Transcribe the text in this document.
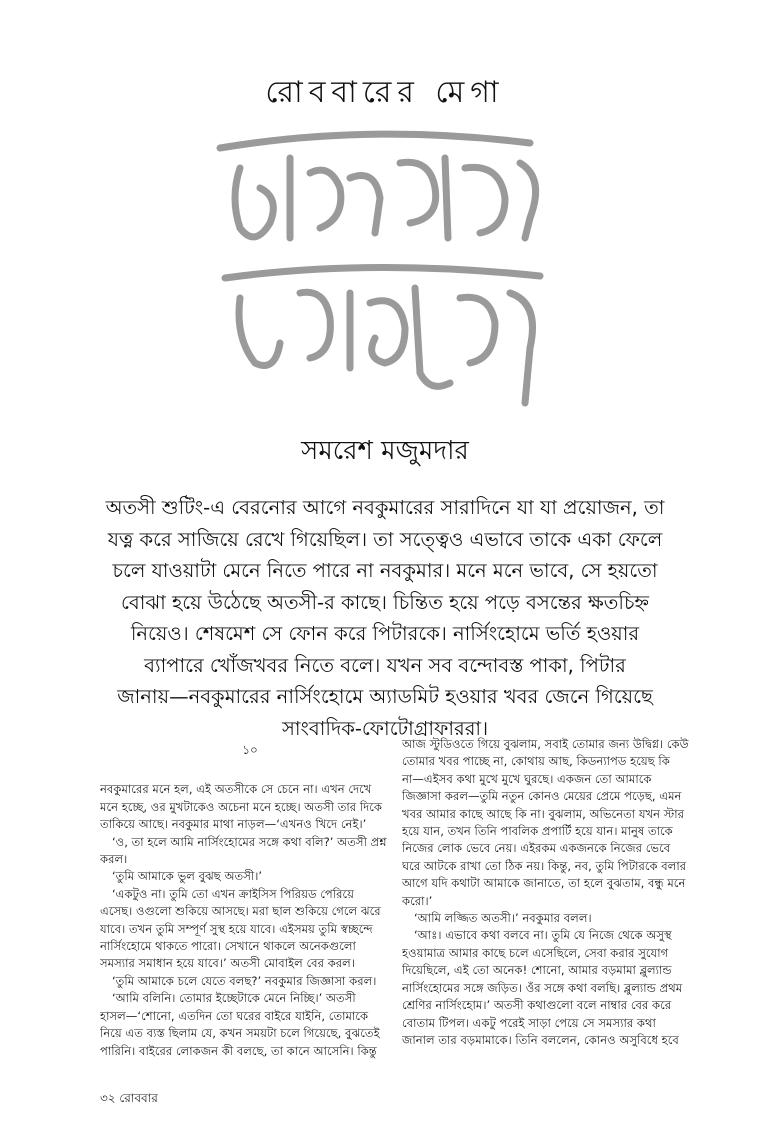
রোববারের মেগা
সমরেশ মজুমদার
অতসী শুটিং-এ বেরনোর আগে নবকুমারের সারাদিনে যা যা প্রয়োজন, তা
যত্ন করে সাজিয়ে রেখে গিয়েছিল। তা সত্ত্বেও এভাবে তাকে একা ফেলে
চলে যাওয়াটা মেনে নিতে পারে না নবকুমার। মনে মনে ভাবে, সে হয়তো
বোঝা হয়ে উঠেছে অতসী-র কাছে। চিন্তিত হয়ে পড়ে বসন্তের ক্ষতচিহ্ন
নিয়েও। শেষমেশ সে ফোন করে পিটারকে। নার্সিংহোমে ভর্তি হওয়ার
ব্যাপারে খোঁজখবর নিতে বলে। যখন সব বন্দোবস্ত পাকা, পিটার
জানায়—নবকুমারের নার্সিংহোমে অ্যাডমিট হওয়ার খবর জেনে গিয়েছে
সাংবাদিক-ফোটোগ্রাফাররা।
১০
নবকুমারের মনে হল, এই অতসীকে সে চেনে না। এখন দেখে
মনে হচ্ছে, ওর মুখটাকেও অচেনা মনে হচ্ছে। অতসী তার দিকে
তাকিয়ে আছে। নবকুমার মাথা নাড়ল—‘এখনও খিদে নেই।’
‘ও, তা হলে আমি নার্সিংহোমের সঙ্গে কথা বলি?’ অতসী প্রশ্ন
করল।
‘তুমি আমাকে ভুল বুঝছ অতসী।’
‘একটুও না। তুমি তো এখন ক্রাইসিস পিরিয়ড পেরিয়ে
এসেছ। ওগুলো শুকিয়ে আসছে। মরা ছাল শুকিয়ে গেলে ঝরে
যাবে। তখন তুমি সম্পূর্ণ সুস্থ হয়ে যাবে। এইসময় তুমি স্বচ্ছন্দে
নার্সিংহোমে থাকতে পারো। সেখানে থাকলে অনেকগুলো
সমস্যার সমাধান হয়ে যাবে।’ অতসী মোবাইল বের করল।
‘তুমি আমাকে চলে যেতে বলছ?’ নবকুমার জিজ্ঞাসা করল।
‘আমি বলিনি। তোমার ইচ্ছেটাকে মেনে নিচ্ছি।’ অতসী
হাসল—‘শোনো, এতদিন তো ঘরের বাইরে যাইনি, তোমাকে
নিয়ে এত ব্যস্ত ছিলাম যে, কখন সময়টা চলে গিয়েছে, বুঝতেই
পারিনি। বাইরের লোকজন কী বলছে, তা কানে আসেনি। কিন্তু
আজ স্টুডিওতে গিয়ে বুঝলাম, সবাই তোমার জন্য উদ্বিগ্ন। কেউ
তোমার খবর পাচ্ছে না, কোথায় আছ, কিডন্যাপড হয়েছ কি
না—এইসব কথা মুখে মুখে ঘুরছে। একজন তো আমাকে
জিজ্ঞাসা করল—তুমি নতুন কোনও মেয়ের প্রেমে পড়েছ, এমন
খবর আমার কাছে আছে কি না। বুঝলাম, অভিনেতা যখন স্টার
হয়ে যান, তখন তিনি পাবলিক প্রপার্টি হয়ে যান। মানুষ তাকে
নিজের লোক ভেবে নেয়। এইরকম একজনকে নিজের ভেবে
ঘরে আটকে রাখা তো ঠিক নয়। কিন্তু, নব, তুমি পিটারকে বলার
আগে যদি কথাটা আমাকে জানাতে, তা হলে বুঝতাম, বন্ধু মনে
করো।’
‘আমি লজ্জিত অতসী।’ নবকুমার বলল।
‘আঃ। এভাবে কথা বলবে না। তুমি যে নিজে থেকে অসুস্থ
হওয়ামাত্র আমার কাছে চলে এসেছিলে, সেবা করার সুযোগ
দিয়েছিলে, এই তো অনেক! শোনো, আমার বড়মামা ব্লুল্যান্ড
নার্সিংহোমের সঙ্গে জড়িত। ওঁর সঙ্গে কথা বলছি। ব্লুল্যান্ড প্রথম
শ্রেণির নার্সিংহোম।’ অতসী কথাগুলো বলে নাম্বার বের করে
বোতাম টিপল। একটু পরেই সাড়া পেয়ে সে সমস্যার কথা
জানাল তার বড়মামাকে। তিনি বললেন, কোনও অসুবিধে হবে
৩২ রোববার
